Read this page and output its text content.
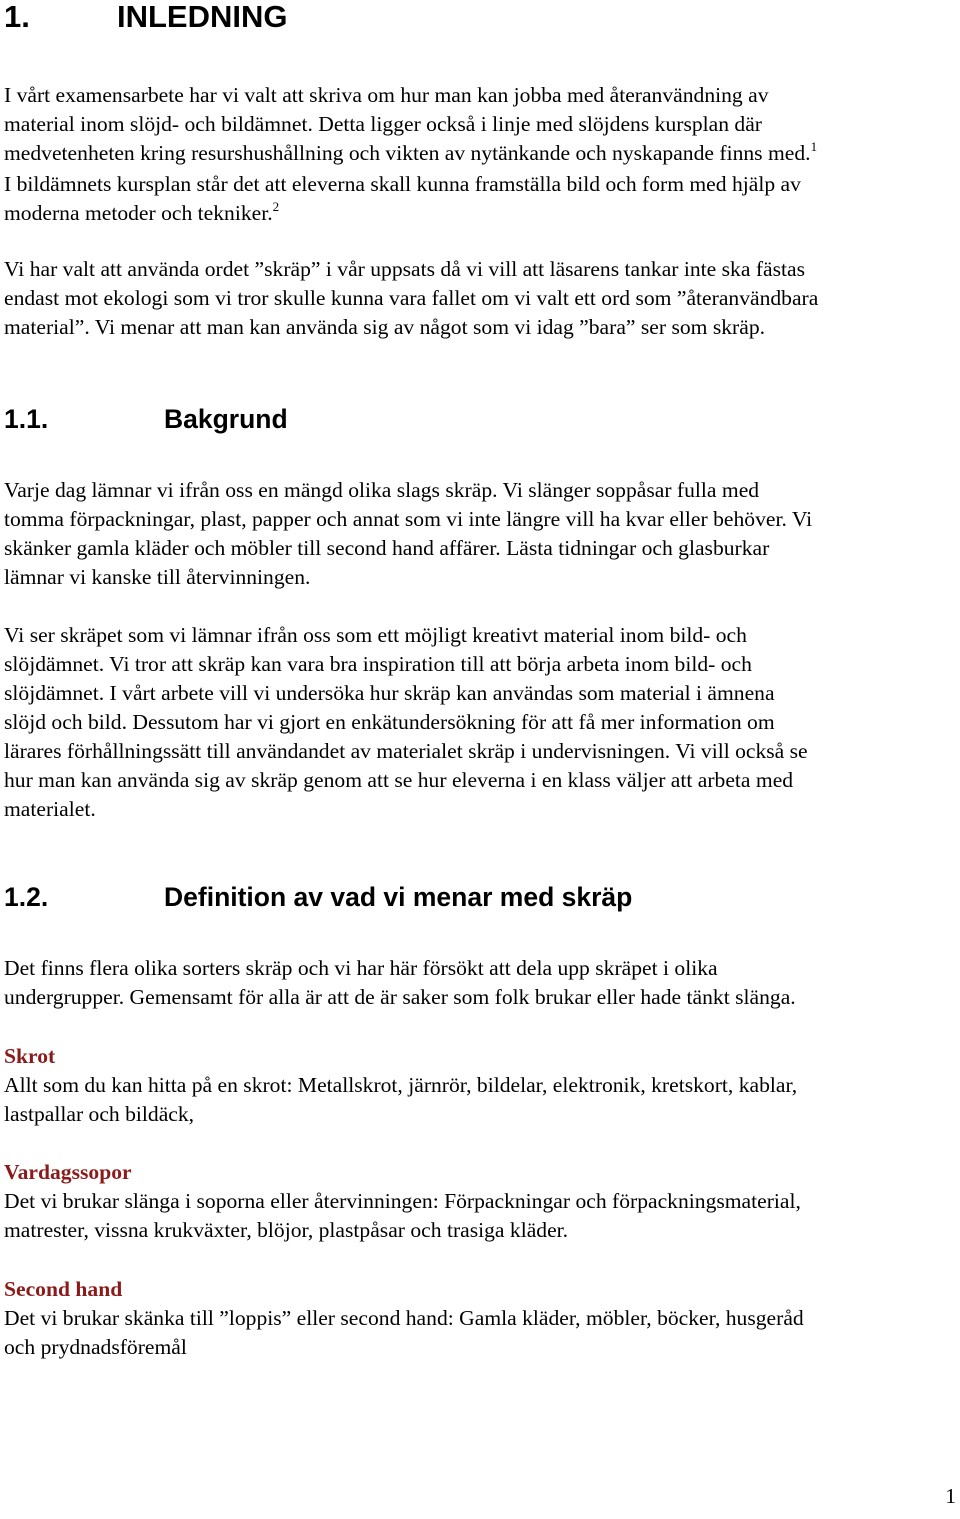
1.	INLEDNING

I vårt examensarbete har vi valt att skriva om hur man kan jobba med återanvändning av
material inom slöjd- och bildämnet. Detta ligger också i linje med slöjdens kursplan där
medvetenheten kring resurshushållning och vikten av nytänkande och nyskapande finns med.$^1$
I bildämnets kursplan står det att eleverna skall kunna framställa bild och form med hjälp av
moderna metoder och tekniker.$^2$

Vi har valt att använda ordet ”skräp” i vår uppsats då vi vill att läsarens tankar inte ska fästas
endast mot ekologi som vi tror skulle kunna vara fallet om vi valt ett ord som ”återanvändbara
material”. Vi menar att man kan använda sig av något som vi idag ”bara” ser som skräp.

1.1.	Bakgrund

Varje dag lämnar vi ifrån oss en mängd olika slags skräp. Vi slänger soppåsar fulla med
tomma förpackningar, plast, papper och annat som vi inte längre vill ha kvar eller behöver. Vi
skänker gamla kläder och möbler till second hand affärer. Lästa tidningar och glasburkar
lämnar vi kanske till återvinningen.

Vi ser skräpet som vi lämnar ifrån oss som ett möjligt kreativt material inom bild- och
slöjdämnet. Vi tror att skräp kan vara bra inspiration till att börja arbeta inom bild- och
slöjdämnet. I vårt arbete vill vi undersöka hur skräp kan användas som material i ämnena
slöjd och bild. Dessutom har vi gjort en enkätundersökning för att få mer information om
lärares förhållningssätt till användandet av materialet skräp i undervisningen. Vi vill också se
hur man kan använda sig av skräp genom att se hur eleverna i en klass väljer att arbeta med
materialet.

1.2.	Definition av vad vi menar med skräp

Det finns flera olika sorters skräp och vi har här försökt att dela upp skräpet i olika
undergrupper. Gemensamt för alla är att de är saker som folk brukar eller hade tänkt slänga.

Skrot
Allt som du kan hitta på en skrot: Metallskrot, järnrör, bildelar, elektronik, kretskort, kablar,
lastpallar och bildäck,
Vardagssopor
Det vi brukar slänga i soporna eller återvinningen: Förpackningar och förpackningsmaterial,
matrester, vissna krukväxter, blöjor, plastpåsar och trasiga kläder.
Second hand
Det vi brukar skänka till ”loppis” eller second hand: Gamla kläder, möbler, böcker, husgeråd
och prydnadsföremål

1
